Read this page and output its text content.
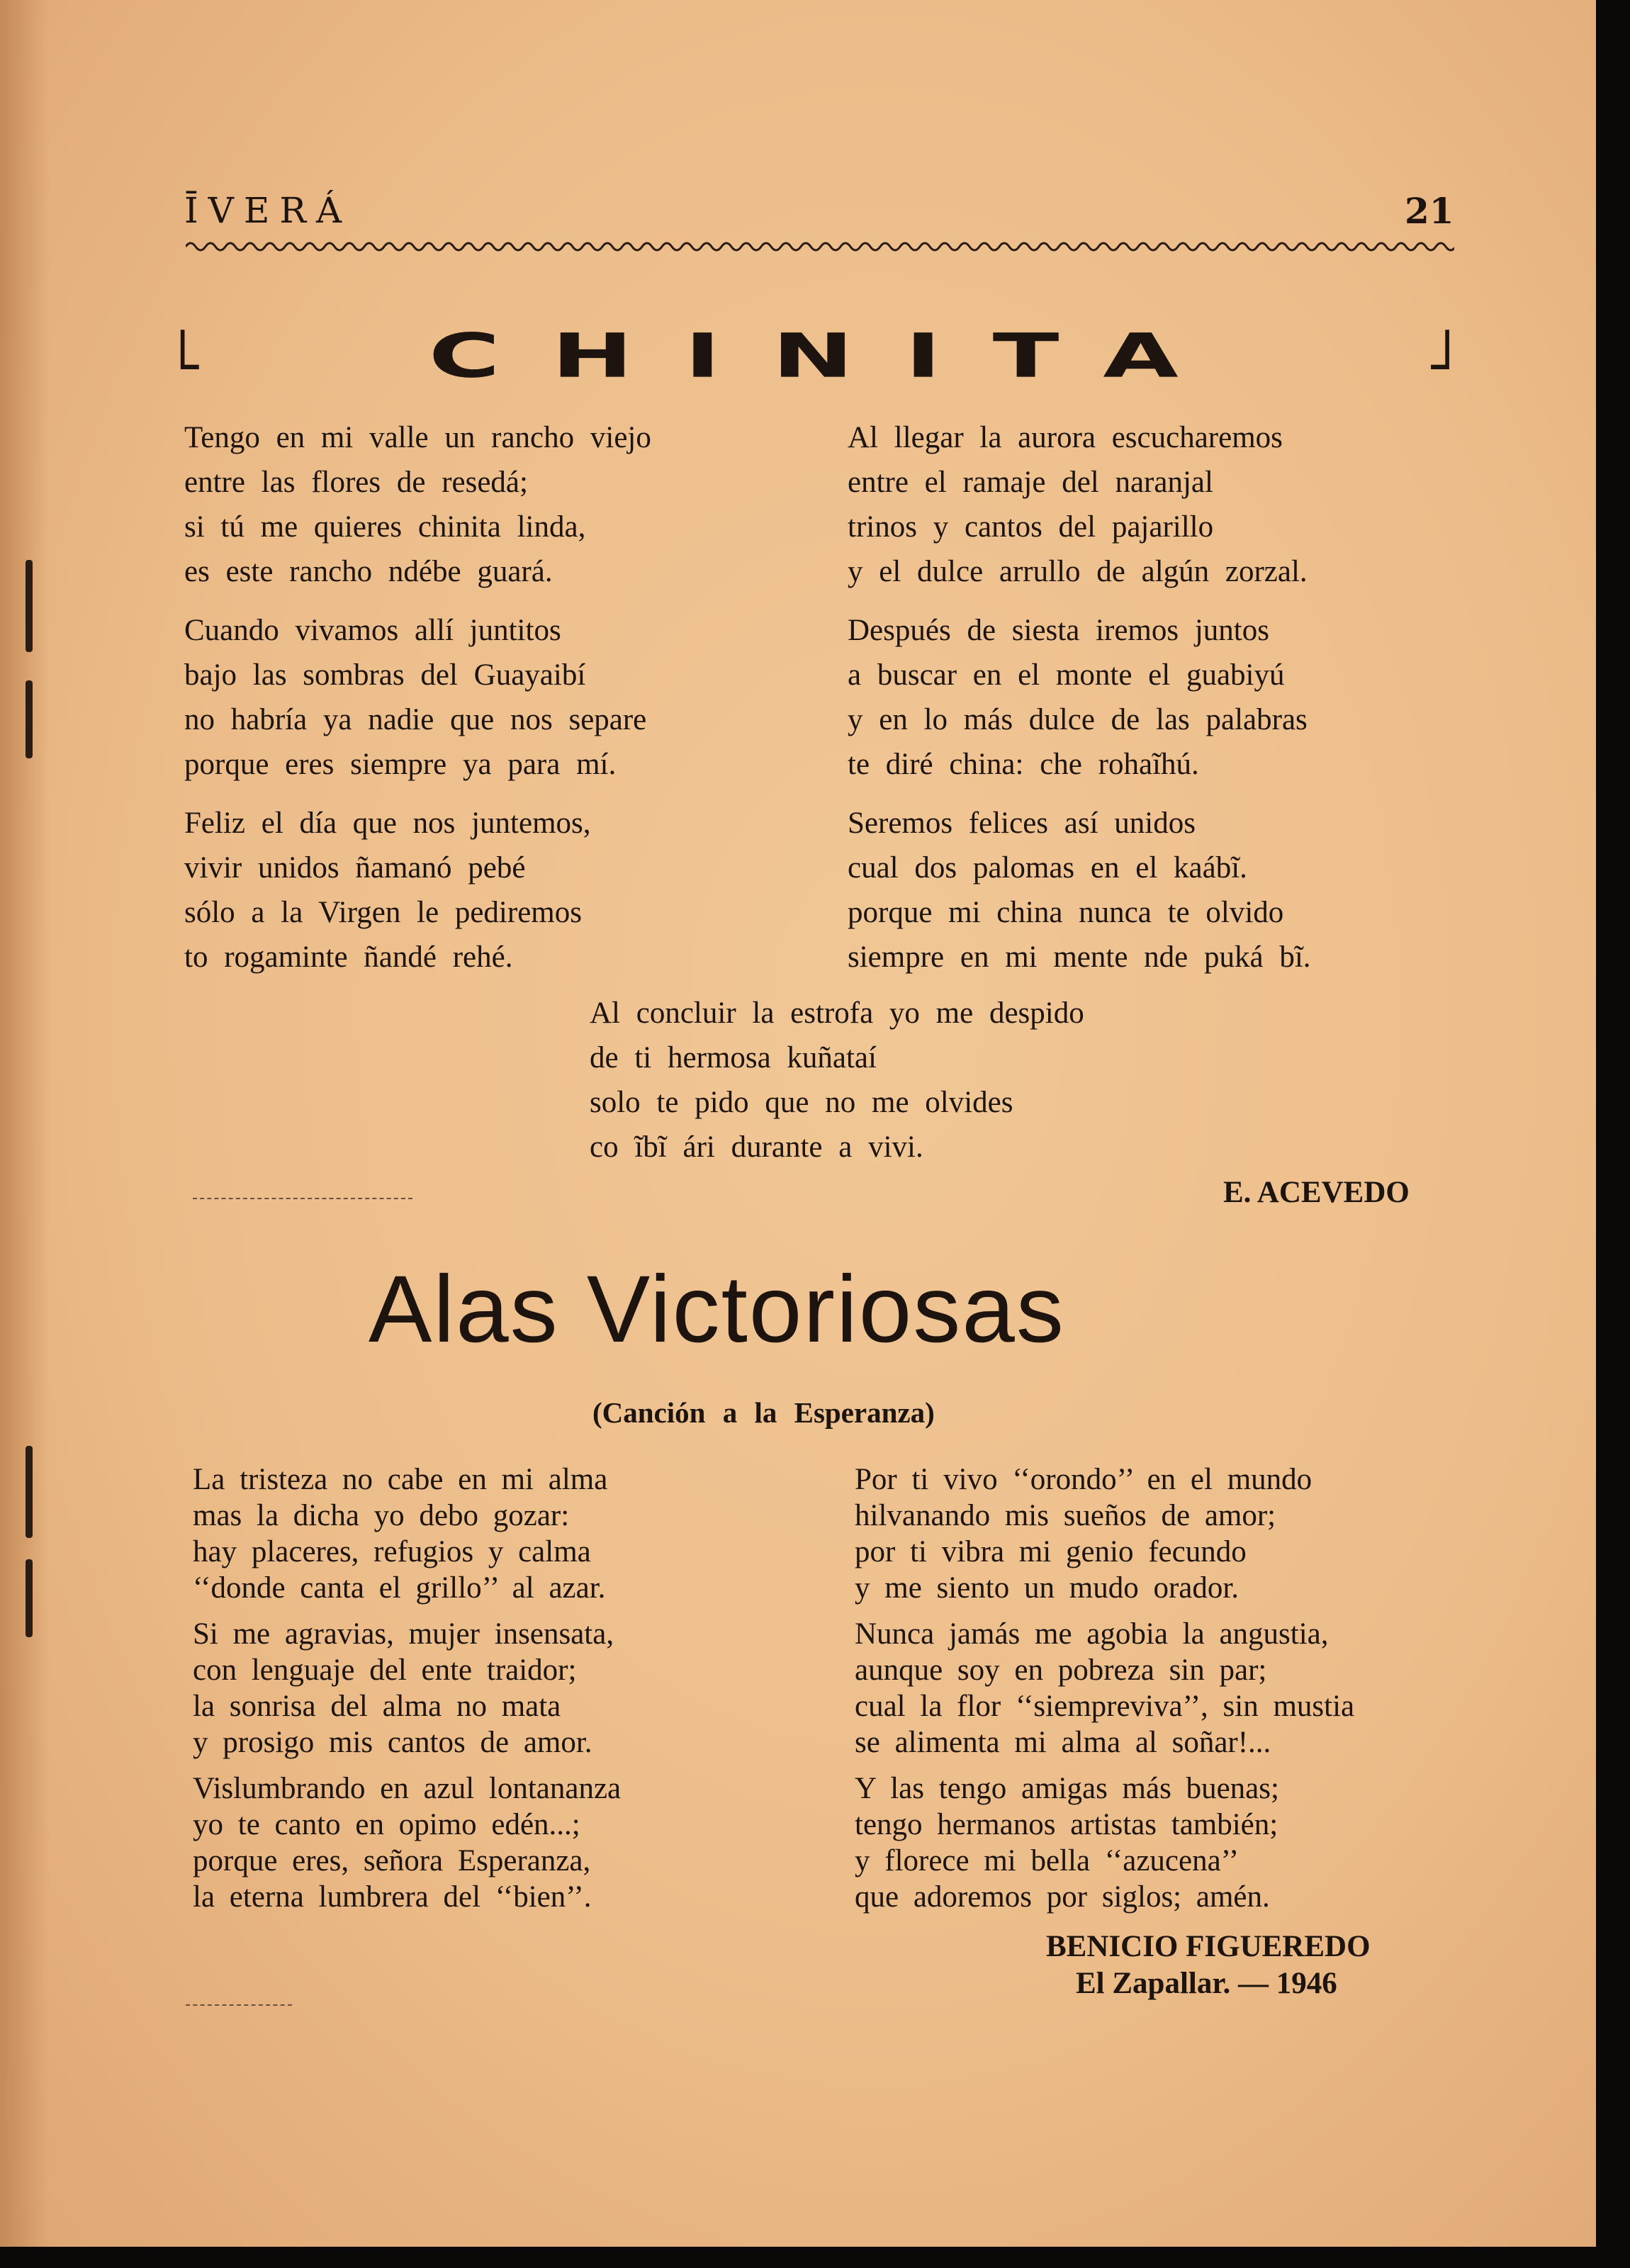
ĪVERÁ	21
ᒪ	ᒧ
CHINITA
Tengo en mi valle un rancho viejo
entre las flores de resedá;
si tú me quieres chinita linda,
es este rancho ndébe guará.
Cuando vivamos allí juntitos
bajo las sombras del Guayaibí
no habría ya nadie que nos separe
porque eres siempre ya para mí.
Feliz el día que nos juntemos,
vivir unidos ñamanó pebé
sólo a la Virgen le pediremos
to rogaminte ñandé rehé.
Al llegar la aurora escucharemos
entre el ramaje del naranjal
trinos y cantos del pajarillo
y el dulce arrullo de algún zorzal.
Después de siesta iremos juntos
a buscar en el monte el guabiyú
y en lo más dulce de las palabras
te diré china: che rohaĩhú.
Seremos felices así unidos
cual dos palomas en el kaábĩ.
porque mi china nunca te olvido
siempre en mi mente nde puká bĩ.
Al concluir la estrofa yo me despido
de ti hermosa kuñataí
solo te pido que no me olvides
co ĩbĩ ári durante a vivi.
E. ACEVEDO
Alas Victoriosas
(Canción a la Esperanza)
La tristeza no cabe en mi alma
mas la dicha yo debo gozar:
hay placeres, refugios y calma
‘‘donde canta el grillo’’ al azar.
Si me agravias, mujer insensata,
con lenguaje del ente traidor;
la sonrisa del alma no mata
y prosigo mis cantos de amor.
Vislumbrando en azul lontananza
yo te canto en opimo edén...;
porque eres, señora Esperanza,
la eterna lumbrera del ‘‘bien’’.
Por ti vivo ‘‘orondo’’ en el mundo
hilvanando mis sueños de amor;
por ti vibra mi genio fecundo
y me siento un mudo orador.
Nunca jamás me agobia la angustia,
aunque soy en pobreza sin par;
cual la flor ‘‘siempreviva’’, sin mustia
se alimenta mi alma al soñar!...
Y las tengo amigas más buenas;
tengo hermanos artistas también;
y florece mi bella ‘‘azucena’’
que adoremos por siglos; amén.
BENICIO FIGUEREDO
El Zapallar. — 1946
